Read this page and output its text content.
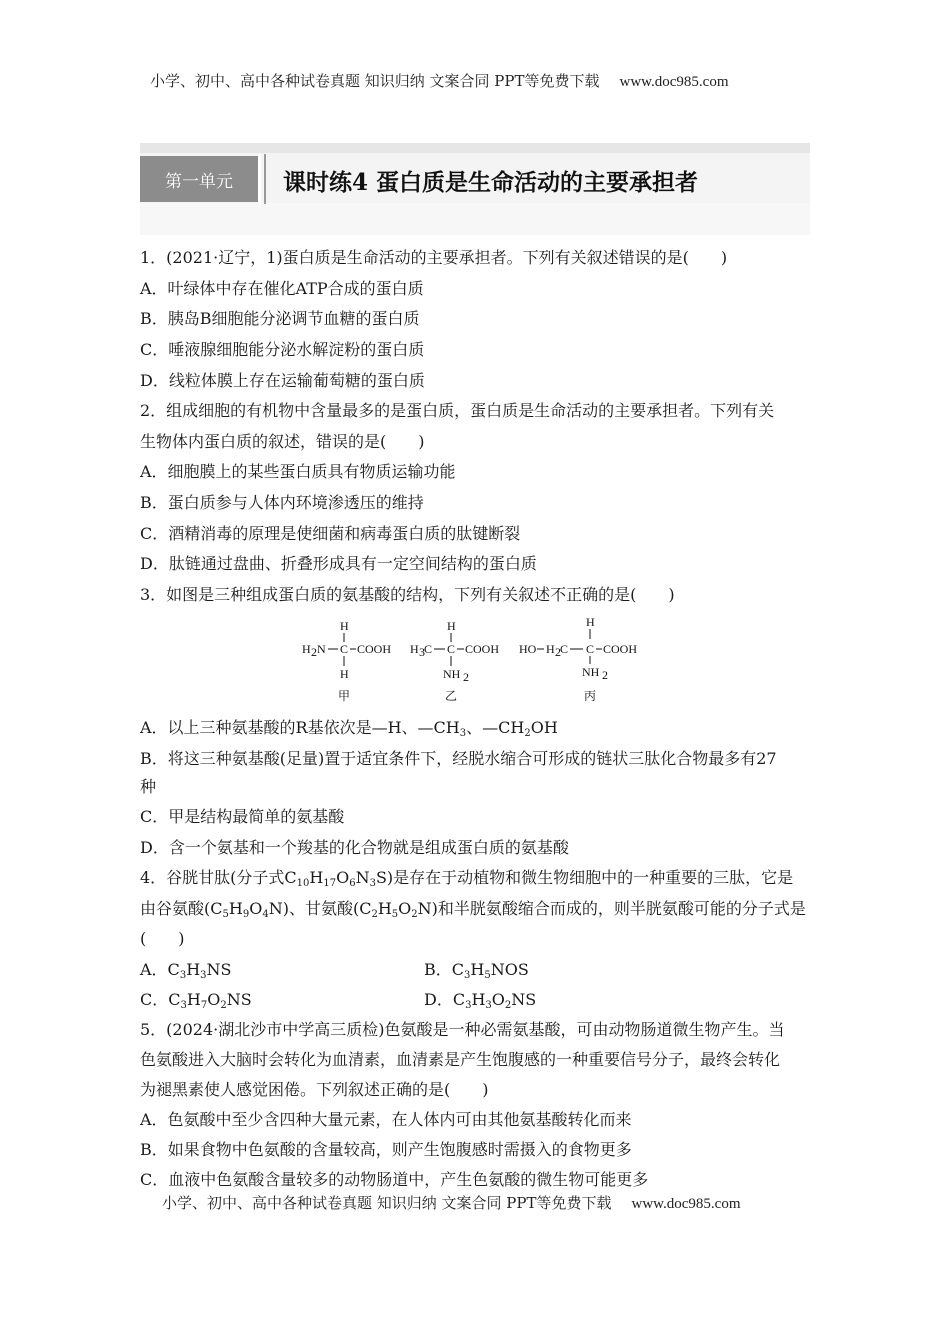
小学、初中、高中各种试卷真题 知识归纳 文案合同 PPT等免费下载 www.doc985.com
第一单元	课时练4 蛋白质是生命活动的主要承担者
1．(2021·辽宁，1)蛋白质是生命活动的主要承担者。下列有关叙述错误的是(　　)
A．叶绿体中存在催化ATP合成的蛋白质
B．胰岛B细胞能分泌调节血糖的蛋白质
C．唾液腺细胞能分泌水解淀粉的蛋白质
D．线粒体膜上存在运输葡萄糖的蛋白质
2．组成细胞的有机物中含量最多的是蛋白质，蛋白质是生命活动的主要承担者。下列有关
生物体内蛋白质的叙述，错误的是(　　)
A．细胞膜上的某些蛋白质具有物质运输功能
B．蛋白质参与人体内环境渗透压的维持
C．酒精消毒的原理是使细菌和病毒蛋白质的肽键断裂
D．肽链通过盘曲、折叠形成具有一定空间结构的蛋白质
3．如图是三种组成蛋白质的氨基酸的结构，下列有关叙述不正确的是(　　)
H
H 2 N C COOH
H
甲
H
H 3 C C COOH
NH 2
乙
H
HO H 2 C C COOH
NH 2
丙
A．以上三种氨基酸的R基依次是—H、$—CH_3$、$—CH_2OH$
B．将这三种氨基酸(足量)置于适宜条件下，经脱水缩合可形成的链状三肽化合物最多有27
种
C．甲是结构最简单的氨基酸
D．含一个氨基和一个羧基的化合物就是组成蛋白质的氨基酸
4．谷胱甘肽(分子式$C_{10}H_{17}O_6N_3S$)是存在于动植物和微生物细胞中的一种重要的三肽，它是
由谷氨酸$(C_5H_9O_4N)$、甘氨酸$(C_2H_5O_2N)$和半胱氨酸缩合而成的，则半胱氨酸可能的分子式是
(　　)
A．$C_3H_3NS$	B．$C_3H_5NOS$
C．$C_3H_7O_2NS$	D．$C_3H_3O_2NS$
5．(2024·湖北沙市中学高三质检)色氨酸是一种必需氨基酸，可由动物肠道微生物产生。当
色氨酸进入大脑时会转化为血清素，血清素是产生饱腹感的一种重要信号分子，最终会转化
为褪黑素使人感觉困倦。下列叙述正确的是(　　)
A．色氨酸中至少含四种大量元素，在人体内可由其他氨基酸转化而来
B．如果食物中色氨酸的含量较高，则产生饱腹感时需摄入的食物更多
C．血液中色氨酸含量较多的动物肠道中，产生色氨酸的微生物可能更多
小学、初中、高中各种试卷真题 知识归纳 文案合同 PPT等免费下载 www.doc985.com
